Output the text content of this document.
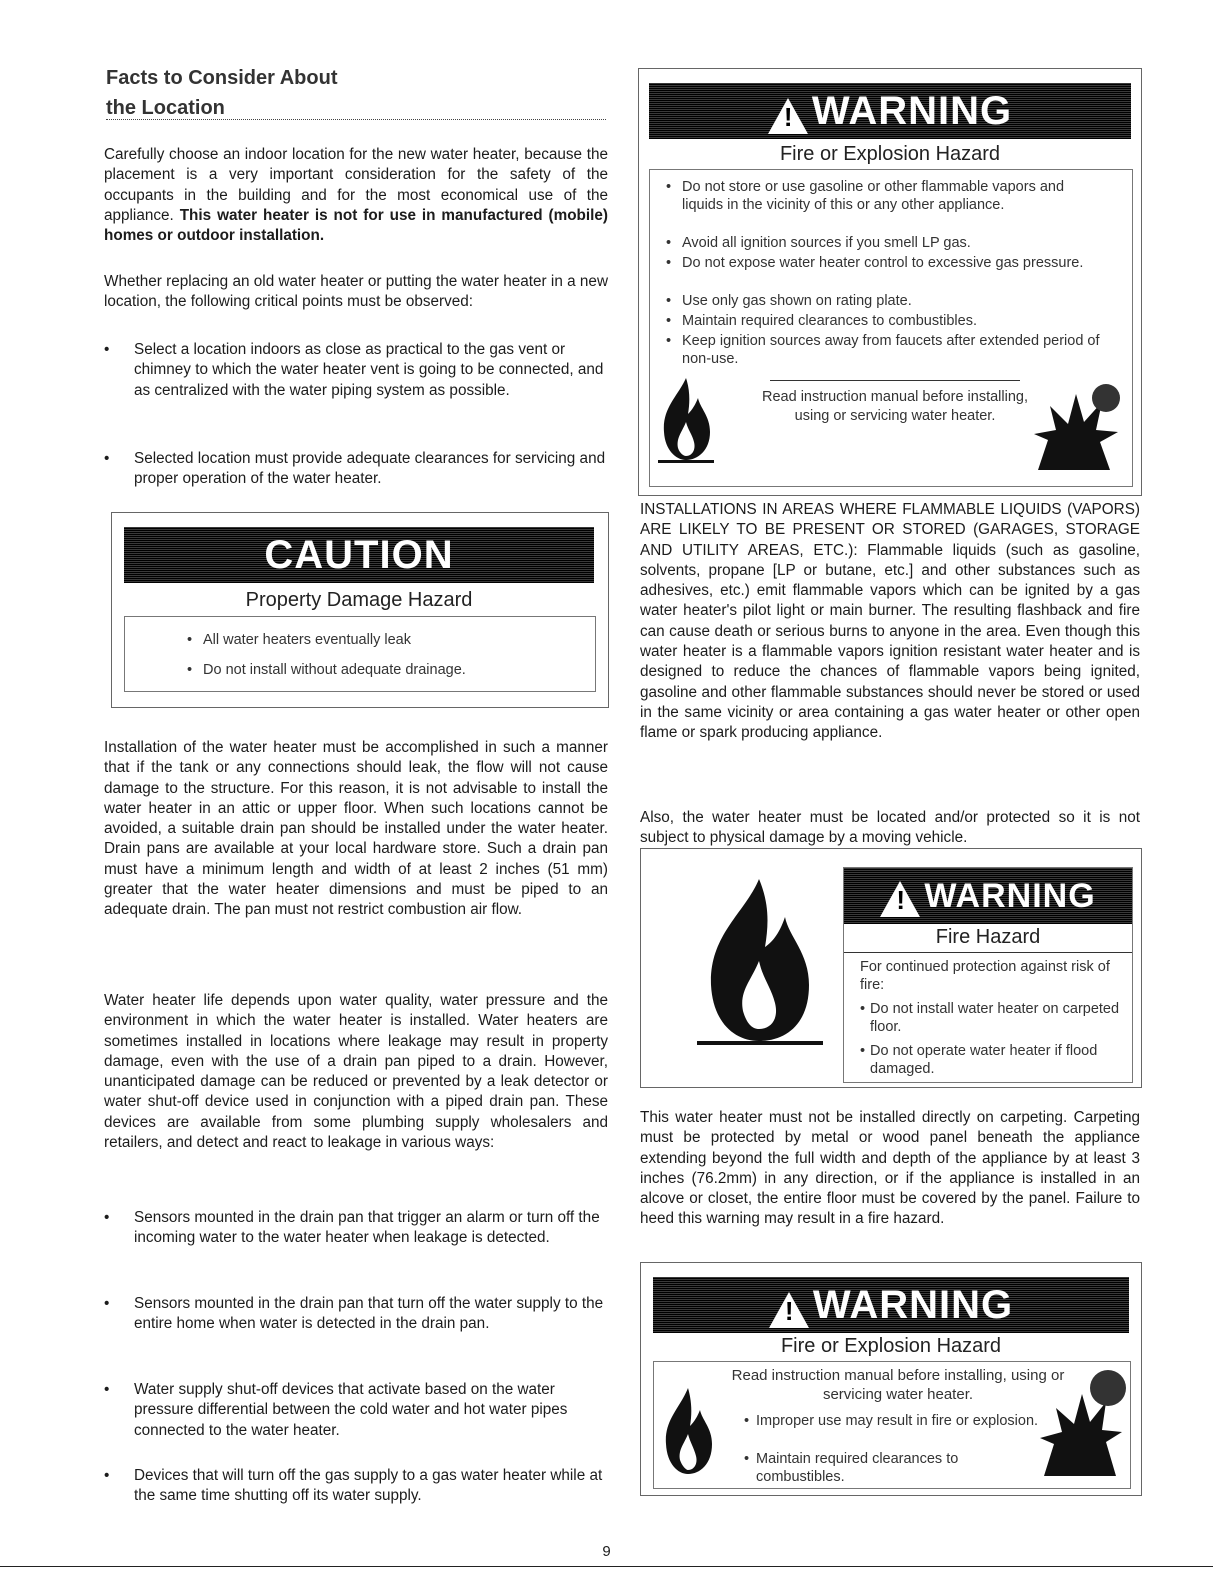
Facts to Consider About
the Location

Carefully choose an indoor location for the new water heater, because the placement is a very important consideration for the safety of the occupants in the building and for the most economical use of the appliance. This water heater is not for use in manufactured (mobile) homes or outdoor installation.

Whether replacing an old water heater or putting the water heater in a new location, the following critical points must be observed:

•	Select a location indoors as close as practical to the gas vent or chimney to which the water heater vent is going to be connected, and as centralized with the water piping system as possible.
•	Selected location must provide adequate clearances for servicing and proper operation of the water heater.
CAUTION
Property Damage Hazard
• All water heaters eventually leak
• Do not install without adequate drainage.

Installation of the water heater must be accomplished in such a manner that if the tank or any connections should leak, the flow will not cause damage to the structure. For this reason, it is not advisable to install the water heater in an attic or upper floor. When such locations cannot be avoided, a suitable drain pan should be installed under the water heater. Drain pans are available at your local hardware store. Such a drain pan must have a minimum length and width of at least 2 inches (51 mm) greater that the water heater dimensions and must be piped to an adequate drain. The pan must not restrict combustion air flow.

Water heater life depends upon water quality, water pressure and the environment in which the water heater is installed. Water heaters are sometimes installed in locations where leakage may result in property damage, even with the use of a drain pan piped to a drain. However, unanticipated damage can be reduced or prevented by a leak detector or water shut-off device used in conjunction with a piped drain pan. These devices are available from some plumbing supply wholesalers and retailers, and detect and react to leakage in various ways:

•	Sensors mounted in the drain pan that trigger an alarm or turn off the incoming water to the water heater when leakage is detected.
•	Sensors mounted in the drain pan that turn off the water supply to the entire home when water is detected in the drain pan.
•	Water supply shut-off devices that activate based on the water pressure differential between the cold water and hot water pipes connected to the water heater.
•	Devices that will turn off the gas supply to a gas water heater while at the same time shutting off its water supply.
! WARNING
Fire or Explosion Hazard
• Do not store or use gasoline or other flammable vapors and liquids in the vicinity of this or any other appliance.
• Avoid all ignition sources if you smell LP gas.
• Do not expose water heater control to excessive gas pressure.
• Use only gas shown on rating plate.
• Maintain required clearances to combustibles.
• Keep ignition sources away from faucets after extended period of non-use.
Read instruction manual before installing, using or servicing water heater.

INSTALLATIONS IN AREAS WHERE FLAMMABLE LIQUIDS (VAPORS) ARE LIKELY TO BE PRESENT OR STORED (GARAGES, STORAGE AND UTILITY AREAS, ETC.): Flammable liquids (such as gasoline, solvents, propane [LP or butane, etc.] and other substances such as adhesives, etc.) emit flammable vapors which can be ignited by a gas water heater's pilot light or main burner. The resulting flashback and fire can cause death or serious burns to anyone in the area. Even though this water heater is a flammable vapors ignition resistant water heater and is designed to reduce the chances of flammable vapors being ignited, gasoline and other flammable substances should never be stored or used in the same vicinity or area containing a gas water heater or other open flame or spark producing appliance.

Also, the water heater must be located and/or protected so it is not subject to physical damage by a moving vehicle.

! WARNING
Fire Hazard
For continued protection against risk of fire:
• Do not install water heater on carpeted floor.
• Do not operate water heater if flood damaged.

This water heater must not be installed directly on carpeting. Carpeting must be protected by metal or wood panel beneath the appliance extending beyond the full width and depth of the appliance by at least 3 inches (76.2mm) in any direction, or if the appliance is installed in an alcove or closet, the entire floor must be covered by the panel. Failure to heed this warning may result in a fire hazard.

! WARNING
Fire or Explosion Hazard
Read instruction manual before installing, using or servicing water heater.
• Improper use may result in fire or explosion.
• Maintain required clearances to combustibles.
9
